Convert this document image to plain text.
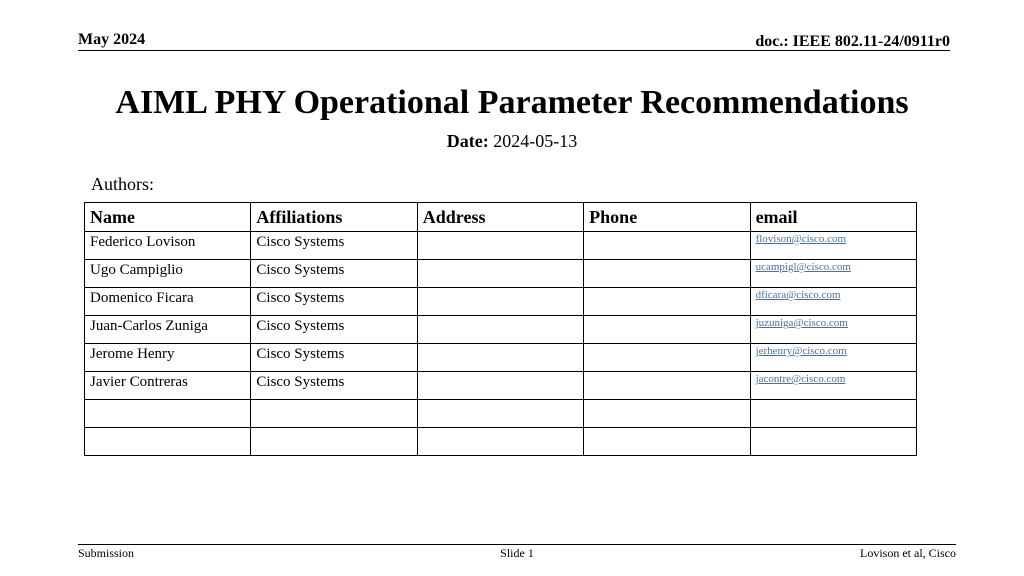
May 2024	doc.: IEEE 802.11-24/0911r0
AIML PHY Operational Parameter Recommendations
Date: 2024-05-13
Authors:
Name	Affiliations	Address	Phone	email
Federico Lovison	Cisco Systems			flovison@cisco.com
Ugo Campiglio	Cisco Systems			ucampigl@cisco.com
Domenico Ficara	Cisco Systems			dficara@cisco.com
Juan-Carlos Zuniga	Cisco Systems			juzuniga@cisco.com
Jerome Henry	Cisco Systems			jerhenry@cisco.com
Javier Contreras	Cisco Systems			jacontre@cisco.com

Submission	Slide 1	Lovison et al, Cisco
